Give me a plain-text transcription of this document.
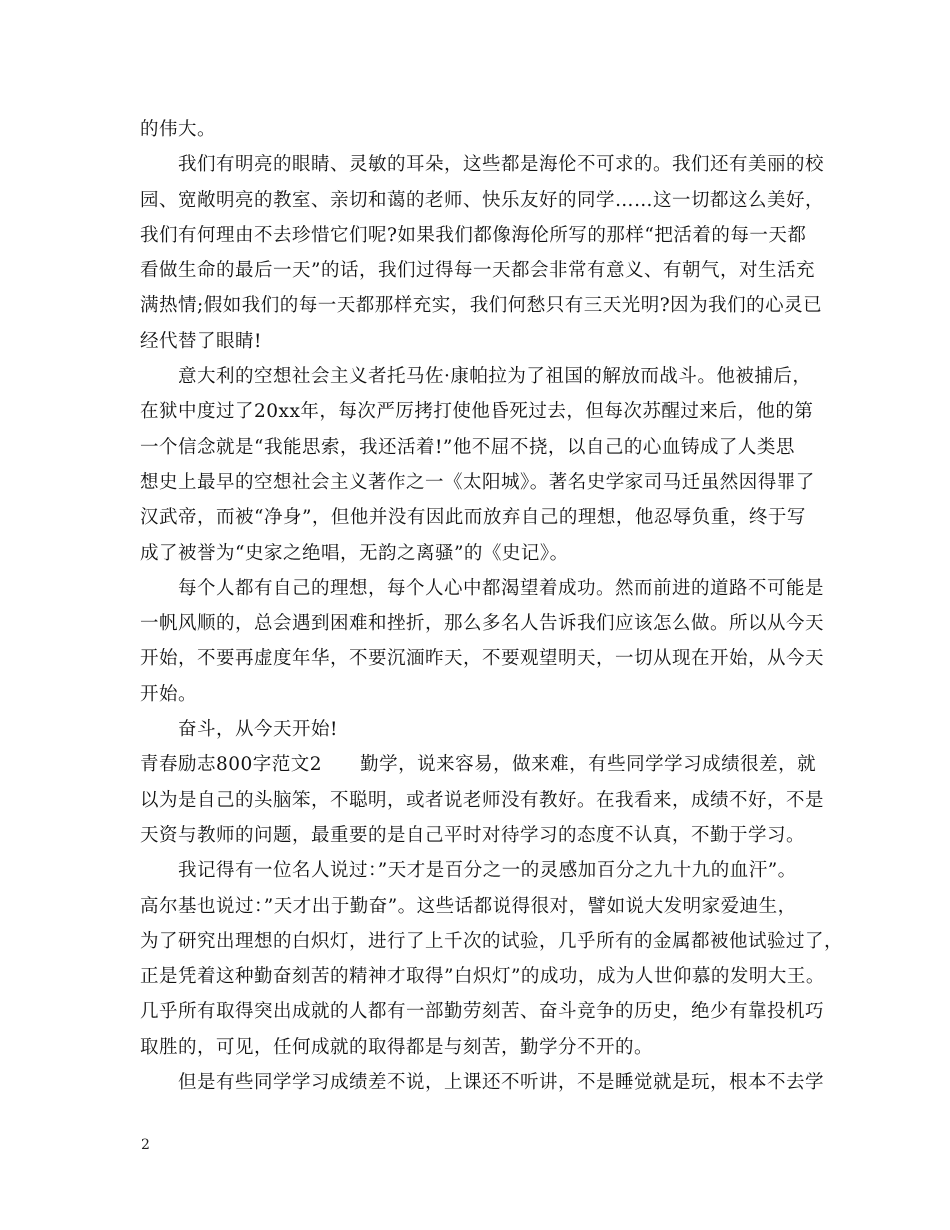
的伟大。
我们有明亮的眼睛、灵敏的耳朵，这些都是海伦不可求的。我们还有美丽的校
园、宽敞明亮的教室、亲切和蔼的老师、快乐友好的同学……这一切都这么美好，
我们有何理由不去珍惜它们呢?如果我们都像海伦所写的那样“把活着的每一天都
看做生命的最后一天”的话，我们过得每一天都会非常有意义、有朝气，对生活充
满热情;假如我们的每一天都那样充实，我们何愁只有三天光明?因为我们的心灵已
经代替了眼睛!
意大利的空想社会主义者托马佐·康帕拉为了祖国的解放而战斗。他被捕后，
在狱中度过了20xx年，每次严厉拷打使他昏死过去，但每次苏醒过来后，他的第
一个信念就是“我能思索，我还活着!”他不屈不挠，以自己的心血铸成了人类思
想史上最早的空想社会主义著作之一《太阳城》。著名史学家司马迁虽然因得罪了
汉武帝，而被“净身”，但他并没有因此而放弃自己的理想，他忍辱负重，终于写
成了被誉为“史家之绝唱，无韵之离骚”的《史记》。
每个人都有自己的理想，每个人心中都渴望着成功。然而前进的道路不可能是
一帆风顺的，总会遇到困难和挫折，那么多名人告诉我们应该怎么做。所以从今天
开始，不要再虚度年华，不要沉湎昨天，不要观望明天，一切从现在开始，从今天
开始。
奋斗，从今天开始!
青春励志800字范文2　　勤学，说来容易，做来难，有些同学学习成绩很差，就
以为是自己的头脑笨，不聪明，或者说老师没有教好。在我看来，成绩不好，不是
天资与教师的问题，最重要的是自己平时对待学习的态度不认真，不勤于学习。
我记得有一位名人说过：”天才是百分之一的灵感加百分之九十九的血汗”。
高尔基也说过：”天才出于勤奋”。这些话都说得很对，譬如说大发明家爱迪生，
为了研究出理想的白炽灯，进行了上千次的试验，几乎所有的金属都被他试验过了，
正是凭着这种勤奋刻苦的精神才取得”白炽灯”的成功，成为人世仰慕的发明大王。
几乎所有取得突出成就的人都有一部勤劳刻苦、奋斗竞争的历史，绝少有靠投机巧
取胜的，可见，任何成就的取得都是与刻苦，勤学分不开的。
但是有些同学学习成绩差不说，上课还不听讲，不是睡觉就是玩，根本不去学
2
